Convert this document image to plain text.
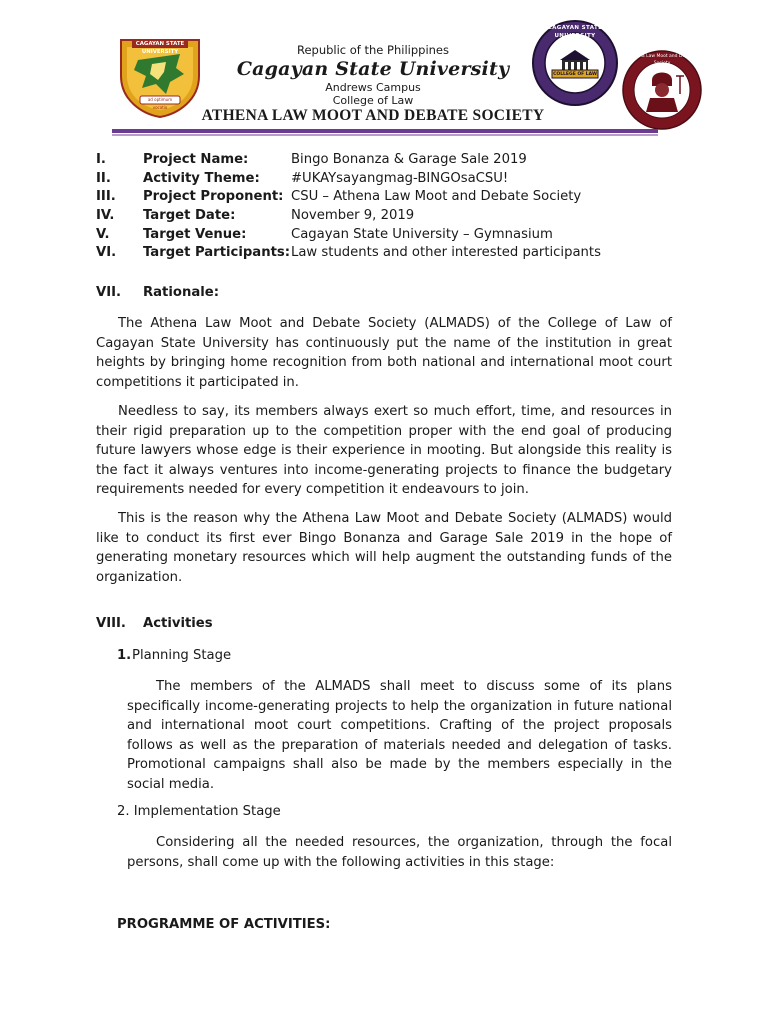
CAGAYAN STATE UNIVERSITY
ad optimum vocatio
CAGAYAN STATE UNIVERSITY
COLLEGE OF LAW
1994
Athena Law Moot and Debate Society
Republic of the Philippines
Cagayan State University
Andrews Campus
College of Law
ATHENA LAW MOOT AND DEBATE SOCIETY
I.	Project Name:	Bingo Bonanza & Garage Sale 2019
II. Activity Theme: #UKAYsayangmag-BINGOsaCSU!
III. Project Proponent: CSU – Athena Law Moot and Debate Society
IV. Target Date:	November 9, 2019
V.	Target Venue:	Cagayan State University – Gymnasium
VI. Target Participants: Law students and other interested participants
VII. Rationale:
The Athena Law Moot and Debate Society (ALMADS) of the College of Law of Cagayan State University has continuously put the name of the institution in great heights by bringing home recognition from both national and international moot court competitions it participated in.
Needless to say, its members always exert so much effort, time, and resources in their rigid preparation up to the competition proper with the end goal of producing future lawyers whose edge is their experience in mooting. But alongside this reality is the fact it always ventures into income-generating projects to finance the budgetary requirements needed for every competition it endeavours to join.
This is the reason why the Athena Law Moot and Debate Society (ALMADS) would like to conduct its first ever Bingo Bonanza and Garage Sale 2019 in the hope of generating monetary resources which will help augment the outstanding funds of the organization.
VIII. Activities
1. Planning Stage
The members of the ALMADS shall meet to discuss some of its plans specifically income-generating projects to help the organization in future national and international moot court competitions. Crafting of the project proposals follows as well as the preparation of materials needed and delegation of tasks. Promotional campaigns shall also be made by the members especially in the social media.
2. Implementation Stage
Considering all the needed resources, the organization, through the focal persons, shall come up with the following activities in this stage:
PROGRAMME OF ACTIVITIES:
